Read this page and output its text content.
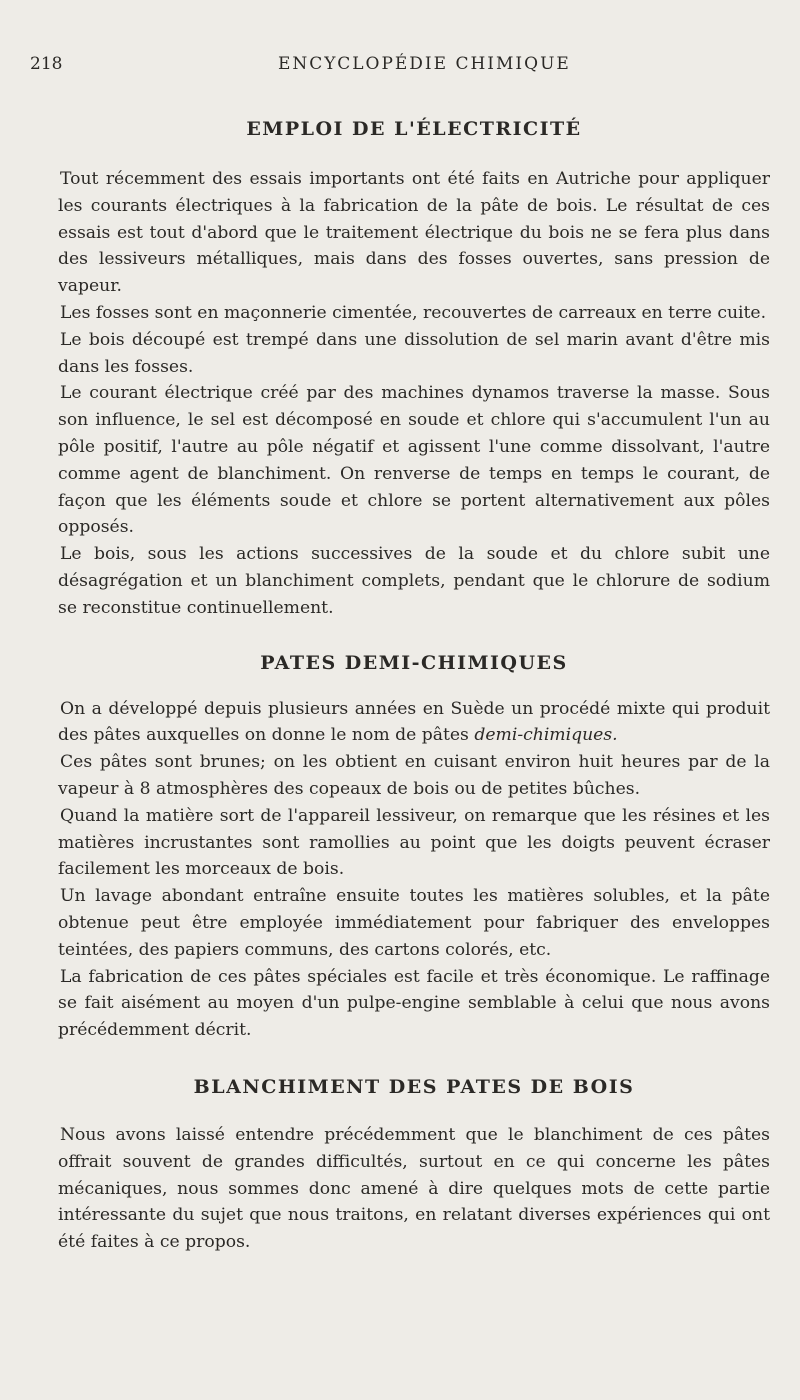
218	ENCYCLOPÉDIE CHIMIQUE
EMPLOI DE L'ÉLECTRICITÉ

Tout récemment des essais importants ont été faits en Autriche pour appliquer les courants électriques à la fabrication de la pâte de bois. Le résultat de ces essais est tout d'abord que le traitement électrique du bois ne se fera plus dans des lessiveurs métalliques, mais dans des fosses ouvertes, sans pression de vapeur.

Les fosses sont en maçonnerie cimentée, recouvertes de carreaux en terre cuite.

Le bois découpé est trempé dans une dissolution de sel marin avant d'être mis dans les fosses.

Le courant électrique créé par des machines dynamos traverse la masse. Sous son influence, le sel est décomposé en soude et chlore qui s'accumulent l'un au pôle positif, l'autre au pôle négatif et agissent l'une comme dissolvant, l'autre comme agent de blanchiment. On renverse de temps en temps le courant, de façon que les éléments soude et chlore se portent alternativement aux pôles opposés.

Le bois, sous les actions successives de la soude et du chlore subit une désagrégation et un blanchiment complets, pendant que le chlorure de sodium se reconstitue continuellement.

PATES DEMI-CHIMIQUES

On a développé depuis plusieurs années en Suède un procédé mixte qui produit des pâtes auxquelles on donne le nom de pâtes demi-chimiques.

Ces pâtes sont brunes; on les obtient en cuisant environ huit heures par de la vapeur à 8 atmosphères des copeaux de bois ou de petites bûches.

Quand la matière sort de l'appareil lessiveur, on remarque que les résines et les matières incrustantes sont ramollies au point que les doigts peuvent écraser facilement les morceaux de bois.

Un lavage abondant entraîne ensuite toutes les matières solubles, et la pâte obtenue peut être employée immédiatement pour fabriquer des enveloppes teintées, des papiers communs, des cartons colorés, etc.

La fabrication de ces pâtes spéciales est facile et très économique. Le raffinage se fait aisément au moyen d'un pulpe-engine semblable à celui que nous avons précédemment décrit.

BLANCHIMENT DES PATES DE BOIS

Nous avons laissé entendre précédemment que le blanchiment de ces pâtes offrait souvent de grandes difficultés, surtout en ce qui concerne les pâtes mécaniques, nous sommes donc amené à dire quelques mots de cette partie intéressante du sujet que nous traitons, en relatant diverses expériences qui ont été faites à ce propos.
